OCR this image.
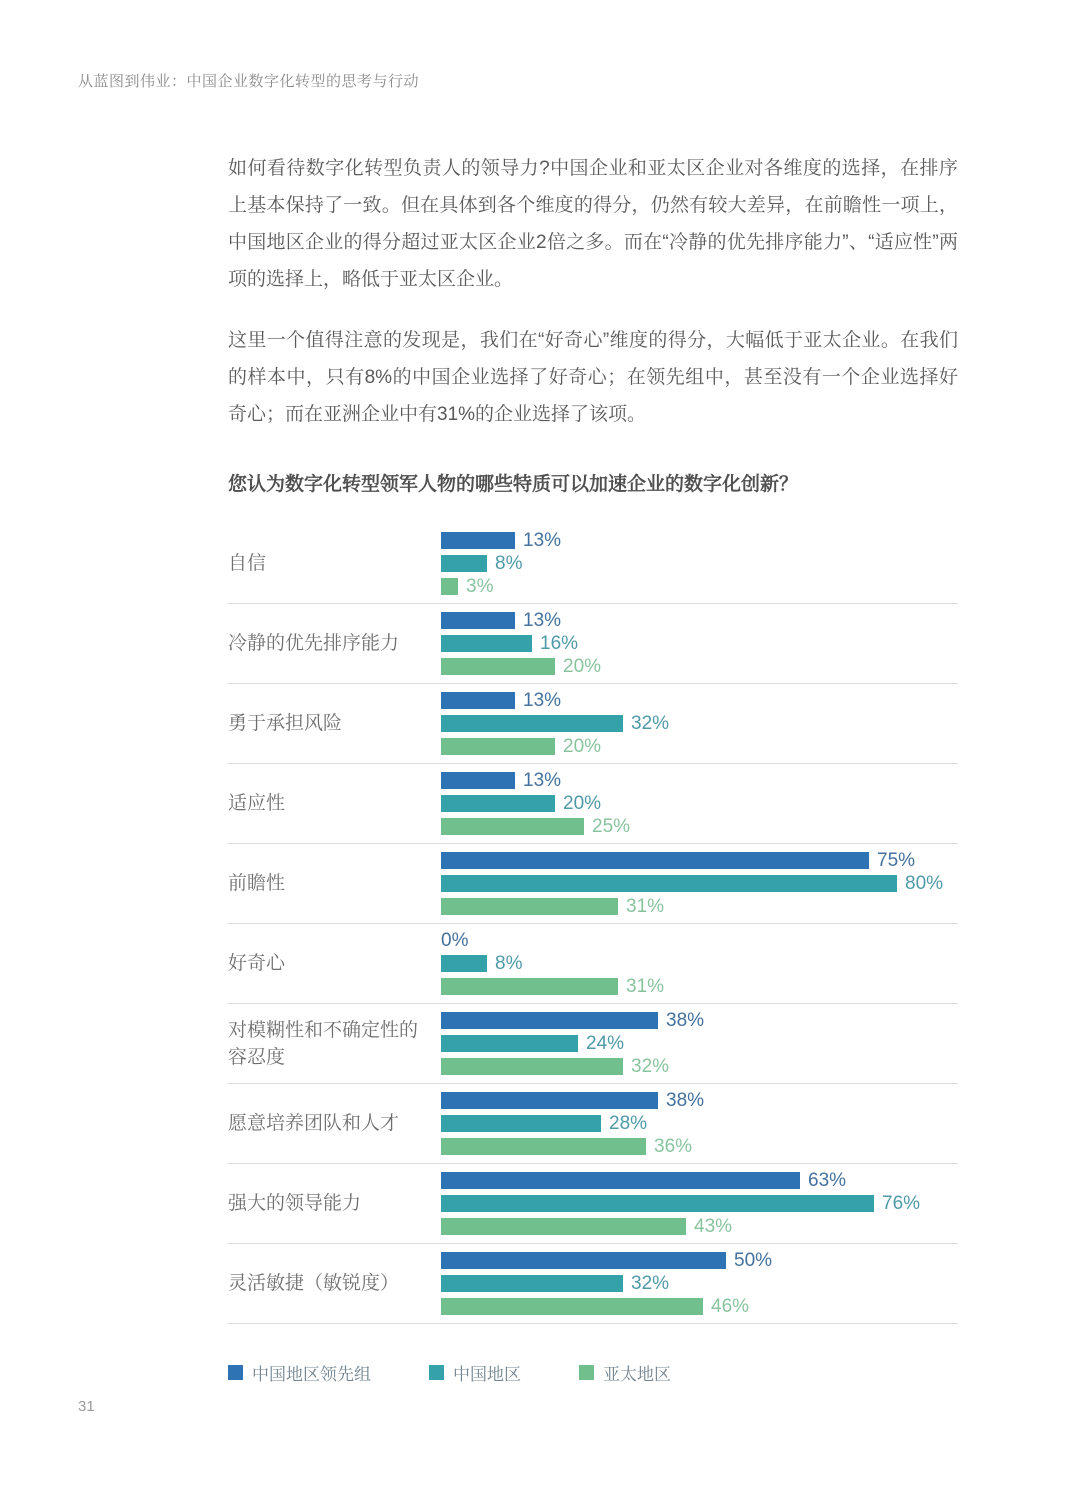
从蓝图到伟业：中国企业数字化转型的思考与行动

如何看待数字化转型负责人的领导力?中国企业和亚太区企业对各维度的选择，在排序上基本保持了一致。但在具体到各个维度的得分，仍然有较大差异，在前瞻性一项上，中国地区企业的得分超过亚太区企业2倍之多。而在“冷静的优先排序能力”、“适应性”两项的选择上，略低于亚太区企业。

这里一个值得注意的发现是，我们在“好奇心”维度的得分，大幅低于亚太企业。在我们的样本中，只有8%的中国企业选择了好奇心；在领先组中，甚至没有一个企业选择好奇心；而在亚洲企业中有31%的企业选择了该项。

您认为数字化转型领军人物的哪些特质可以加速企业的数字化创新？
自信
13%
8%
3%
冷静的优先排序能力
13%
16%
20%
勇于承担风险
13%
32%
20%
适应性
13%
20%
25%
前瞻性
75%
80%
31%
好奇心
0%
8%
31%
对模糊性和不确定性的容忍度
38%
24%
32%
愿意培养团队和人才
38%
28%
36%
强大的领导能力
63%
76%
43%
灵活敏捷（敏锐度）
50%
32%
46%
中国地区领先组	中国地区	亚太地区
31
